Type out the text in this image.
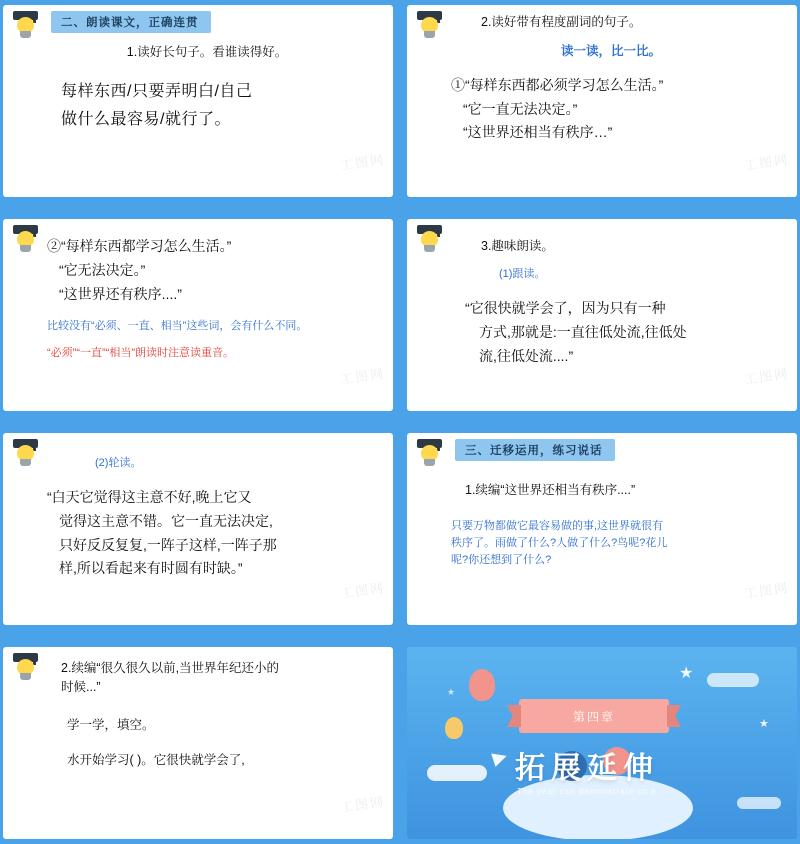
二、朗读课文，正确连贯
1.读好长句子。看谁读得好。
每样东西/只要弄明白/自己
做什么最容易/就行了。
工图网
2.读好带有程度副词的句子。
读一读，比一比。
①“每样东西都必须学习怎么生活。”
“它一直无法决定。”
“这世界还相当有秩序…”
工图网
②“每样东西都学习怎么生活。”
“它无法决定。”
“这世界还有秩序....”
比较没有“必须、一直、相当”这些词，会有什么不同。
“必须”“一直”“相当”朗读时注意读重音。
工图网
3.趣味朗读。
(1)跟读。
“它很快就学会了，因为只有一种
方式,那就是:一直往低处流,往低处
流,往低处流....”
工图网
(2)轮读。
“白天它觉得这主意不好,晚上它又
觉得这主意不错。它一直无法决定,
只好反反复复,一阵子这样,一阵子那
样,所以看起来有时圆有时缺。”
工图网
三、迁移运用，练习说话
1.续编“这世界还相当有秩序....”
只要万物都做它最容易做的事,这世界就很有
秩序了。雨做了什么?人做了什么?鸟呢?花儿
呢?你还想到了什么?
工图网
2.续编“很久很久以前,当世界年纪还小的
时候...”
学一学，填空。
水开始学习( )。它很快就学会了,
工图网
★
★
★
第四章
拓展延伸
The year can demonstrate co e
